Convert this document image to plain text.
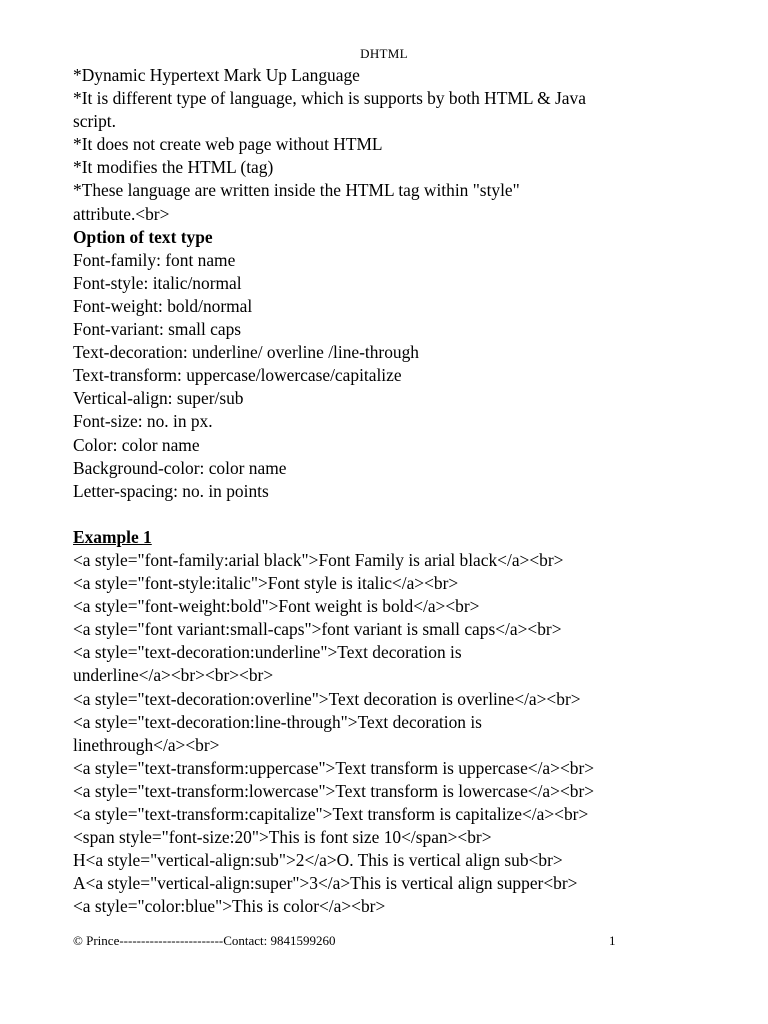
DHTML
*Dynamic Hypertext Mark Up Language
*It is different type of language, which is supports by both HTML & Java
script.
*It does not create web page without HTML
*It modifies the HTML (tag)
*These language are written inside the HTML tag within "style"
attribute.<br>
Option of text type
Font-family: font name
Font-style: italic/normal
Font-weight: bold/normal
Font-variant: small caps
Text-decoration: underline/ overline /line-through
Text-transform: uppercase/lowercase/capitalize
Vertical-align: super/sub
Font-size: no. in px.
Color: color name
Background-color: color name
Letter-spacing: no. in points
Example 1
<a style="font-family:arial black">Font Family is arial black</a><br>
<a style="font-style:italic">Font style is italic</a><br>
<a style="font-weight:bold">Font weight is bold</a><br>
<a style="font variant:small-caps">font variant is small caps</a><br>
<a style="text-decoration:underline">Text decoration is
underline</a><br><br><br>
<a style="text-decoration:overline">Text decoration is overline</a><br>
<a style="text-decoration:line-through">Text decoration is
linethrough</a><br>
<a style="text-transform:uppercase">Text transform is uppercase</a><br>
<a style="text-transform:lowercase">Text transform is lowercase</a><br>
<a style="text-transform:capitalize">Text transform is capitalize</a><br>
<span style="font-size:20">This is font size 10</span><br>
H<a style="vertical-align:sub">2</a>O. This is vertical align sub<br>
A<a style="vertical-align:super">3</a>This is vertical align supper<br>
<a style="color:blue">This is color</a><br>
© Prince------------------------Contact: 9841599260	1
